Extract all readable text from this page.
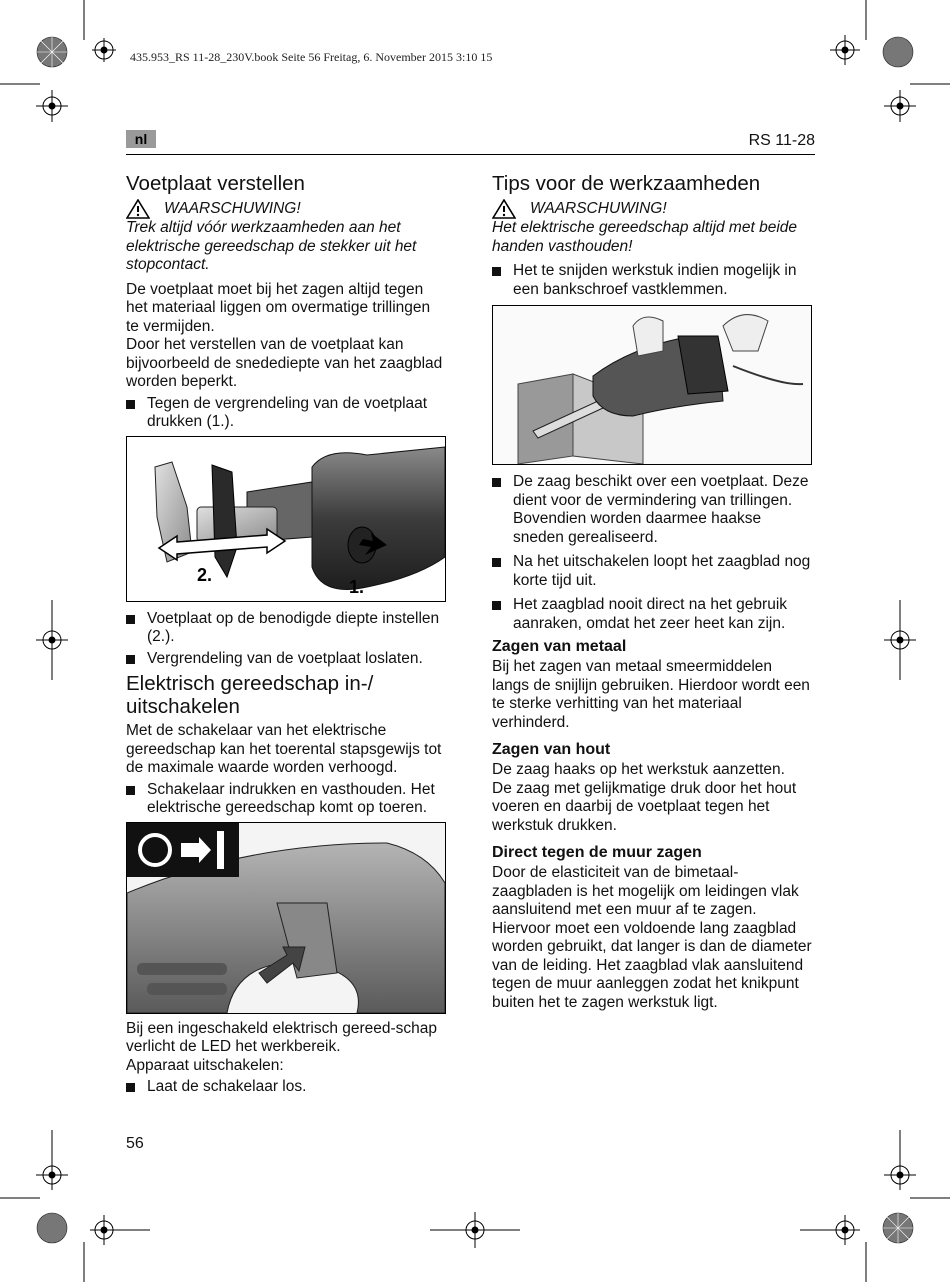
435.953_RS 11-28_230V.book Seite 56 Freitag, 6. November 2015 3:10 15
nl	RS 11-28
Voetplaat verstellen
WAARSCHUWING!

Trek altijd vóór werkzaamheden aan het elektrische gereedschap de stekker uit het stopcontact.

De voetplaat moet bij het zagen altijd tegen het materiaal liggen om overmatige trillingen te vermijden.

Door het verstellen van de voetplaat kan bijvoorbeeld de snedediepte van het zaagblad worden beperkt.

Tegen de vergrendeling van de voetplaat drukken (1.).
2.
1.
Voetplaat op de benodigde diepte instellen (2.).
Vergrendeling van de voetplaat loslaten.
Elektrisch gereedschap in-/ uitschakelen

Met de schakelaar van het elektrische gereedschap kan het toerental stapsgewijs tot de maximale waarde worden verhoogd.

Schakelaar indrukken en vasthouden. Het elektrische gereedschap komt op toeren.

Bij een ingeschakeld elektrisch gereed-schap verlicht de LED het werkbereik.

Apparaat uitschakelen:

Laat de schakelaar los.
Tips voor de werkzaamheden
WAARSCHUWING!

Het elektrische gereedschap altijd met beide handen vasthouden!

Het te snijden werkstuk indien mogelijk in een bankschroef vastklemmen.
De zaag beschikt over een voetplaat. Deze dient voor de vermindering van trillingen. Bovendien worden daarmee haakse sneden gerealiseerd.
Na het uitschakelen loopt het zaagblad nog korte tijd uit.
Het zaagblad nooit direct na het gebruik aanraken, omdat het zeer heet kan zijn.
Zagen van metaal

Bij het zagen van metaal smeermiddelen langs de snijlijn gebruiken. Hierdoor wordt een te sterke verhitting van het materiaal verhinderd.

Zagen van hout

De zaag haaks op het werkstuk aanzetten.

De zaag met gelijkmatige druk door het hout voeren en daarbij de voetplaat tegen het werkstuk drukken.

Direct tegen de muur zagen

Door de elasticiteit van de bimetaal-zaagbladen is het mogelijk om leidingen vlak aansluitend met een muur af te zagen.

Hiervoor moet een voldoende lang zaagblad worden gebruikt, dat langer is dan de diameter van de leiding. Het zaagblad vlak aansluitend tegen de muur aanleggen zodat het knikpunt buiten het te zagen werkstuk ligt.

56
